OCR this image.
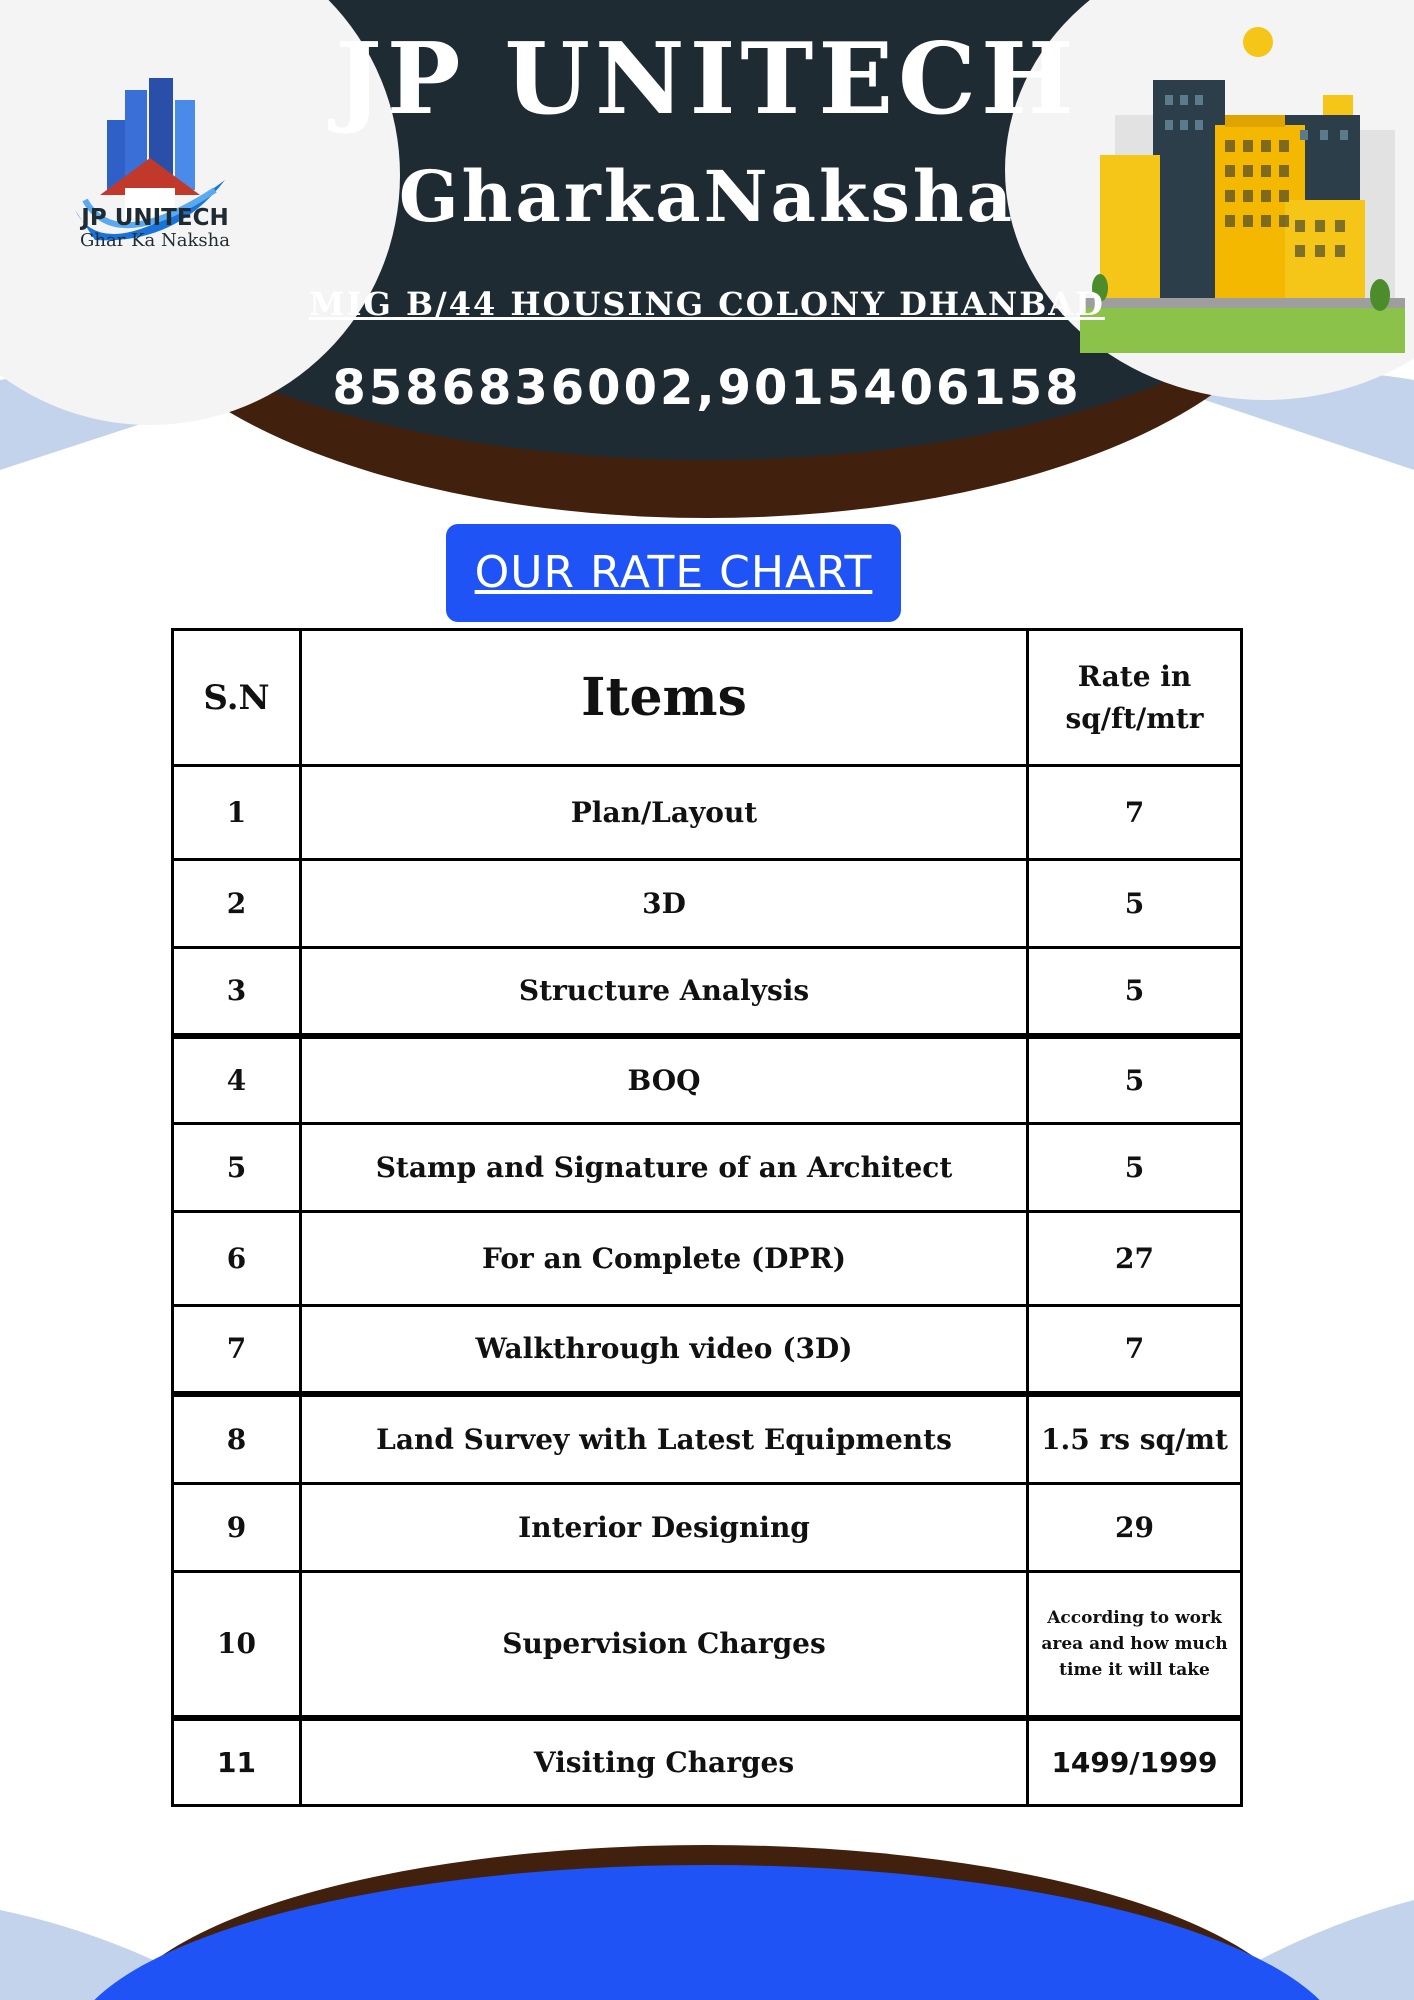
JP UNITECH
Ghar Ka Naksha
JP UNITECH
GharkaNaksha
MIG B/44 HOUSING COLONY DHANBAD
8586836002,9015406158
OUR RATE CHART
S.N	Items	Rate in
sq/ft/mtr

1	Plan/Layout	7
2	3D	5
3	Structure Analysis	5
4	BOQ	5
5	Stamp and Signature of an Architect	5
6	For an Complete (DPR)	27
7	Walkthrough video (3D)	7
8	Land Survey with Latest Equipments	1.5 rs sq/mt
9	Interior Designing	29
10	Supervision Charges	According to work
area and how much
time it will take

11	Visiting Charges	1499/1999
